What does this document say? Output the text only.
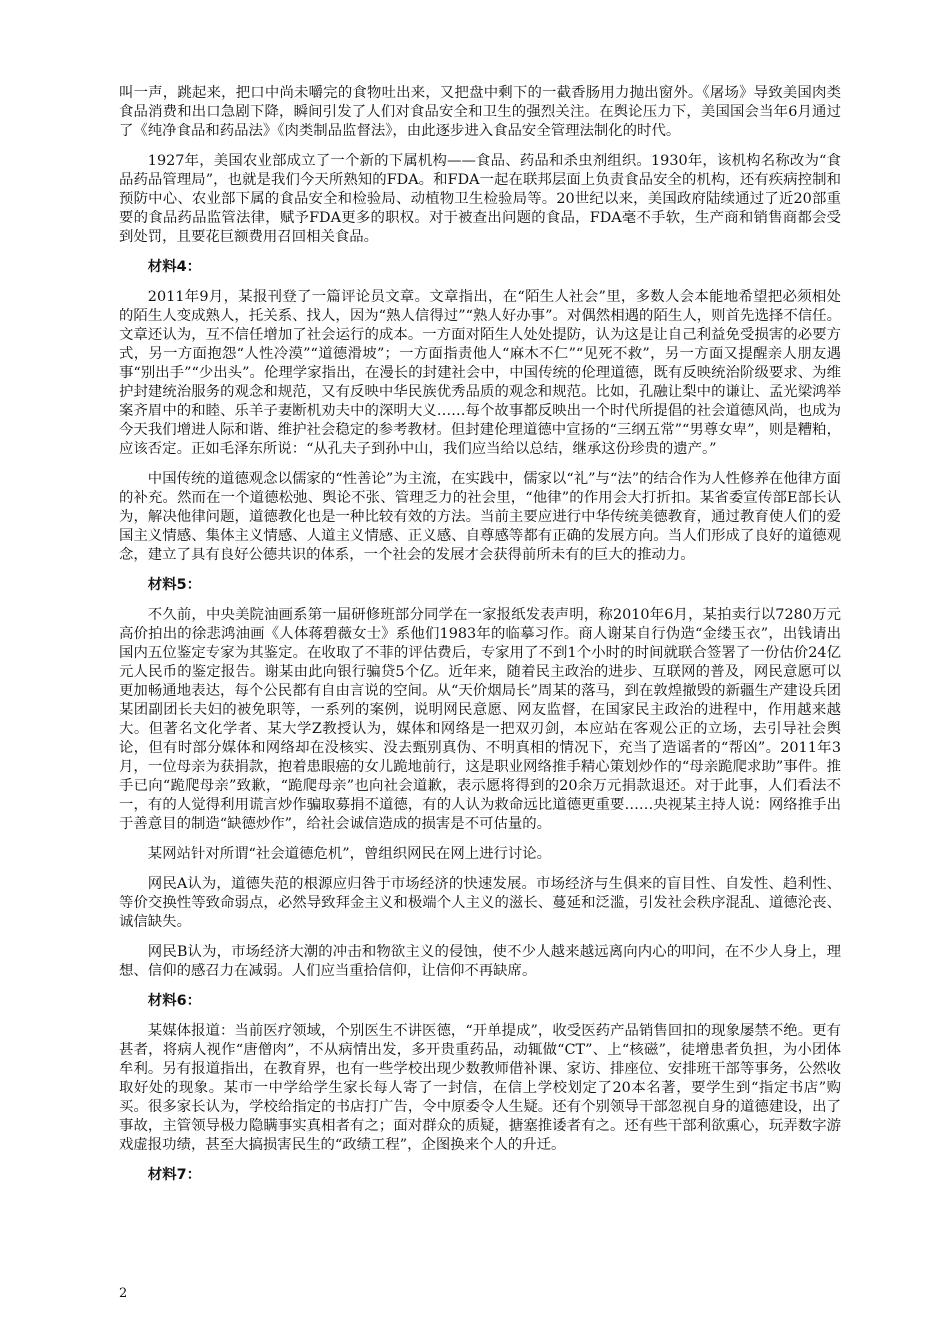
叫一声，跳起来，把口中尚未嚼完的食物吐出来，又把盘中剩下的一截香肠用力抛出窗外。《屠场》导致美国肉类食品消费和出口急剧下降，瞬间引发了人们对食品安全和卫生的强烈关注。在舆论压力下，美国国会当年6月通过了《纯净食品和药品法》《肉类制品监督法》，由此逐步进入食品安全管理法制化的时代。

1927年，美国农业部成立了一个新的下属机构——食品、药品和杀虫剂组织。1930年，该机构名称改为“食品药品管理局”，也就是我们今天所熟知的FDA。和FDA一起在联邦层面上负责食品安全的机构，还有疾病控制和预防中心、农业部下属的食品安全和检验局、动植物卫生检验局等。20世纪以来，美国政府陆续通过了近20部重要的食品药品监管法律，赋予FDA更多的职权。对于被查出问题的食品，FDA毫不手软，生产商和销售商都会受到处罚，且要花巨额费用召回相关食品。

材料4：

2011年9月，某报刊登了一篇评论员文章。文章指出，在“陌生人社会”里，多数人会本能地希望把必须相处的陌生人变成熟人，托关系、找人，因为“熟人信得过”“熟人好办事”。对偶然相遇的陌生人，则首先选择不信任。文章还认为，互不信任增加了社会运行的成本。一方面对陌生人处处提防，认为这是让自己利益免受损害的必要方式，另一方面抱怨“人性冷漠”“道德滑坡”；一方面指责他人“麻木不仁”“见死不救”，另一方面又提醒亲人朋友遇事“别出手”“少出头”。伦理学家指出，在漫长的封建社会中，中国传统的伦理道德，既有反映统治阶级要求、为维护封建统治服务的观念和规范，又有反映中华民族优秀品质的观念和规范。比如，孔融让梨中的谦让、孟光梁鸿举案齐眉中的和睦、乐羊子妻断机劝夫中的深明大义……每个故事都反映出一个时代所提倡的社会道德风尚，也成为今天我们增进人际和谐、维护社会稳定的参考教材。但封建伦理道德中宣扬的“三纲五常”“男尊女卑”，则是糟粕，应该否定。正如毛泽东所说：“从孔夫子到孙中山，我们应当给以总结，继承这份珍贵的遗产。”

中国传统的道德观念以儒家的“性善论”为主流，在实践中，儒家以“礼”与“法”的结合作为人性修养在他律方面的补充。然而在一个道德松弛、舆论不张、管理乏力的社会里，“他律”的作用会大打折扣。某省委宣传部E部长认为，解决他律问题，道德教化也是一种比较有效的方法。当前主要应进行中华传统美德教育，通过教育使人们的爱国主义情感、集体主义情感、人道主义情感、正义感、自尊感等都有正确的发展方向。当人们形成了良好的道德观念，建立了具有良好公德共识的体系，一个社会的发展才会获得前所未有的巨大的推动力。

材料5：

不久前，中央美院油画系第一届研修班部分同学在一家报纸发表声明，称2010年6月，某拍卖行以7280万元高价拍出的徐悲鸿油画《人体蒋碧薇女士》系他们1983年的临摹习作。商人谢某自行伪造“金缕玉衣”，出钱请出国内五位鉴定专家为其鉴定。在收取了不菲的评估费后，专家用了不到1个小时的时间就联合签署了一份估价24亿元人民币的鉴定报告。谢某由此向银行骗贷5个亿。近年来，随着民主政治的进步、互联网的普及，网民意愿可以更加畅通地表达，每个公民都有自由言说的空间。从“天价烟局长”周某的落马，到在敦煌撤毁的新疆生产建设兵团某团副团长夫妇的被免职等，一系列的案例，说明网民意愿、网友监督，在国家民主政治的进程中，作用越来越大。但著名文化学者、某大学Z教授认为，媒体和网络是一把双刃剑，本应站在客观公正的立场，去引导社会舆论，但有时部分媒体和网络却在没核实、没去甄别真伪、不明真相的情况下，充当了造谣者的“帮凶”。2011年3月，一位母亲为获捐款，抱着患眼癌的女儿跪地前行，这是职业网络推手精心策划炒作的“母亲跪爬求助”事件。推手已向“跪爬母亲”致歉，“跪爬母亲”也向社会道歉，表示愿将得到的20余万元捐款退还。对于此事，人们看法不一，有的人觉得利用谎言炒作骗取募捐不道德，有的人认为救命远比道德更重要……央视某主持人说：网络推手出于善意目的制造“缺德炒作”，给社会诚信造成的损害是不可估量的。

某网站针对所谓“社会道德危机”，曾组织网民在网上进行讨论。

网民A认为，道德失范的根源应归咎于市场经济的快速发展。市场经济与生俱来的盲目性、自发性、趋利性、等价交换性等致命弱点，必然导致拜金主义和极端个人主义的滋长、蔓延和泛滥，引发社会秩序混乱、道德沦丧、诚信缺失。

网民B认为，市场经济大潮的冲击和物欲主义的侵蚀，使不少人越来越远离向内心的叩问，在不少人身上，理想、信仰的感召力在减弱。人们应当重拾信仰，让信仰不再缺席。

材料6：

某媒体报道：当前医疗领域，个别医生不讲医德，“开单提成”，收受医药产品销售回扣的现象屡禁不绝。更有甚者，将病人视作“唐僧肉”，不从病情出发，多开贵重药品，动辄做“CT”、上“核磁”，徒增患者负担，为小团体牟利。另有报道指出，在教育界，也有一些学校出现少数教师借补课、家访、排座位、安排班干部等事务，公然收取好处的现象。某市一中学给学生家长每人寄了一封信，在信上学校划定了20本名著，要学生到“指定书店”购买。很多家长认为，学校给指定的书店打广告，令中原委令人生疑。还有个别领导干部忽视自身的道德建设，出了事故，主管领导极力隐瞒事实真相者有之；面对群众的质疑，搪塞推诿者有之。还有些干部利欲熏心，玩弄数字游戏虚报功绩，甚至大搞损害民生的“政绩工程”，企图换来个人的升迁。

材料7：
2
